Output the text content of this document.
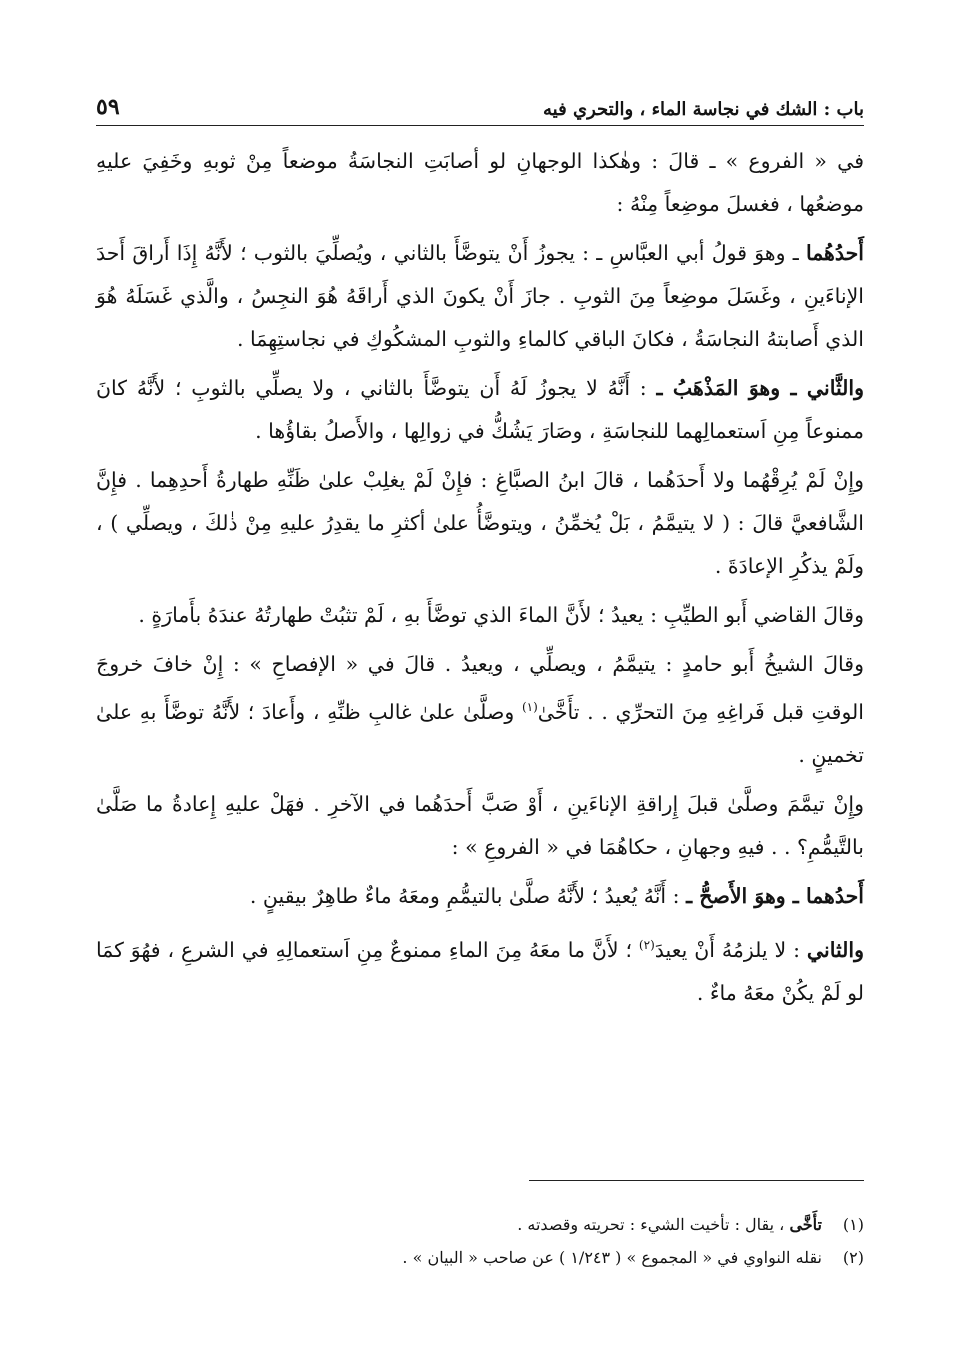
باب : الشك في نجاسة الماء ، والتحري فيه
٥٩

في « الفروع » ـ قالَ : وهٰكذا الوجهانِ لو أصابَتِ النجاسَةُ موضعاً مِنْ ثوبهِ وخَفِيَ عليهِ موضعُها ، فغسلَ موضِعاً مِنْهُ :

أَحدُهُما ـ وهوَ قولُ أبي العبَّاسِ ـ : يجوزُ أَنْ يتوضَّأَ بالثاني ، ويُصلِّيَ بالثوب ؛ لأَنَّهُ إِذَا أَراقَ أَحدَ الإناءَينِ ، وغَسَلَ موضِعاً مِنَ الثوبِ . جازَ أَنْ يكونَ الذي أَراقَهُ هُوَ النجِسُ ، والَّذي غَسَلَهُ هُوَ الذي أَصابتهُ النجاسَةُ ، فكانَ الباقي كالماءِ والثوبِ المشكُوكِ في نجاستِهِمَا .

والثَّاني ـ وهوَ المَذْهَبُ ـ : أَنَّهُ لا يجوزُ لَهُ أَن يتوضَّأَ بالثاني ، ولا يصلِّي بالثوبِ ؛ لأَنَّهُ كانَ ممنوعاً مِنِ اَستعمالِهما للنجاسَةِ ، وصَارَ يَشُكُّ في زوالِها ، والأَصلُ بقاؤُها .

وإِنْ لَمْ يُرِقْهُما ولا أَحدَهُما ، قالَ ابنُ الصبَّاغِ : فإِنْ لَمْ يغلِبْ علىٰ ظَنِّهِ طهارةُ أَحدِهِما . فإِنَّ الشَّافعيَّ قالَ : ( لا يتيمَّمُ ، بَلْ يُخمِّنُ ، ويتوضَّأُ علىٰ أكثرِ ما يقدِرُ عليهِ مِنْ ذٰلكَ ، ويصلِّي ) ، ولَمْ يذكُرِ الإعادَةَ .

وقالَ القاضي أَبو الطيِّبِ : يعيدُ ؛ لأَنَّ الماءَ الذي توضَّأَ بهِ ، لَمْ تثبُتْ طهارتُهُ عندَهُ بأَمارَةٍ .

وقالَ الشيخُ أَبو حامدٍ : يتيمَّمُ ، ويصلِّي ، ويعيدُ . قالَ في « الإفصاحِ » : إِنْ خافَ خروجَ الوقتِ قبل فَراغِهِ مِنَ التحرِّي . . تأَخَّىٰ$^{(١)}$ وصلَّىٰ علىٰ غالبِ ظنِّهِ ، وأَعادَ ؛ لأَنَّهُ توضَّأَ بهِ علىٰ تخمينٍ .

وإِنْ تيمَّمَ وصلَّىٰ قبلَ إِراقةِ الإناءَينِ ، أَوْ صَبَّ أَحدَهُما في الآخرِ . فهَلْ عليهِ إِعادةُ ما صَلَّىٰ بالتَّيمُّمِ؟ . . فيهِ وجهانِ ، حكاهُمَا في « الفروعِ » :

أَحدُهما ـ وهوَ الأَصحُّ ـ : أَنَّهُ يُعيدُ ؛ لأَنَّهُ صلَّىٰ بالتيمُّمِ ومعَهُ ماءٌ طاهِرٌ بيقينٍ .

والثاني : لا يلزمُهُ أَنْ يعيدَ$^{(٢)}$ ؛ لأَنَّ ما معَهُ مِنَ الماءِ ممنوعٌ مِنِ اَستعمالِهِ في الشرعِ ، فهُوَ كمَا لو لَمْ يكُنْ معَهُ ماءٌ .

(١)
تأَخَّى ، يقال : تأخيت الشيء : تحريته وقصدته .
(٢)
نقله النواوي في « المجموع » ( ١/٢٤٣ ) عن صاحب « البيان » .
